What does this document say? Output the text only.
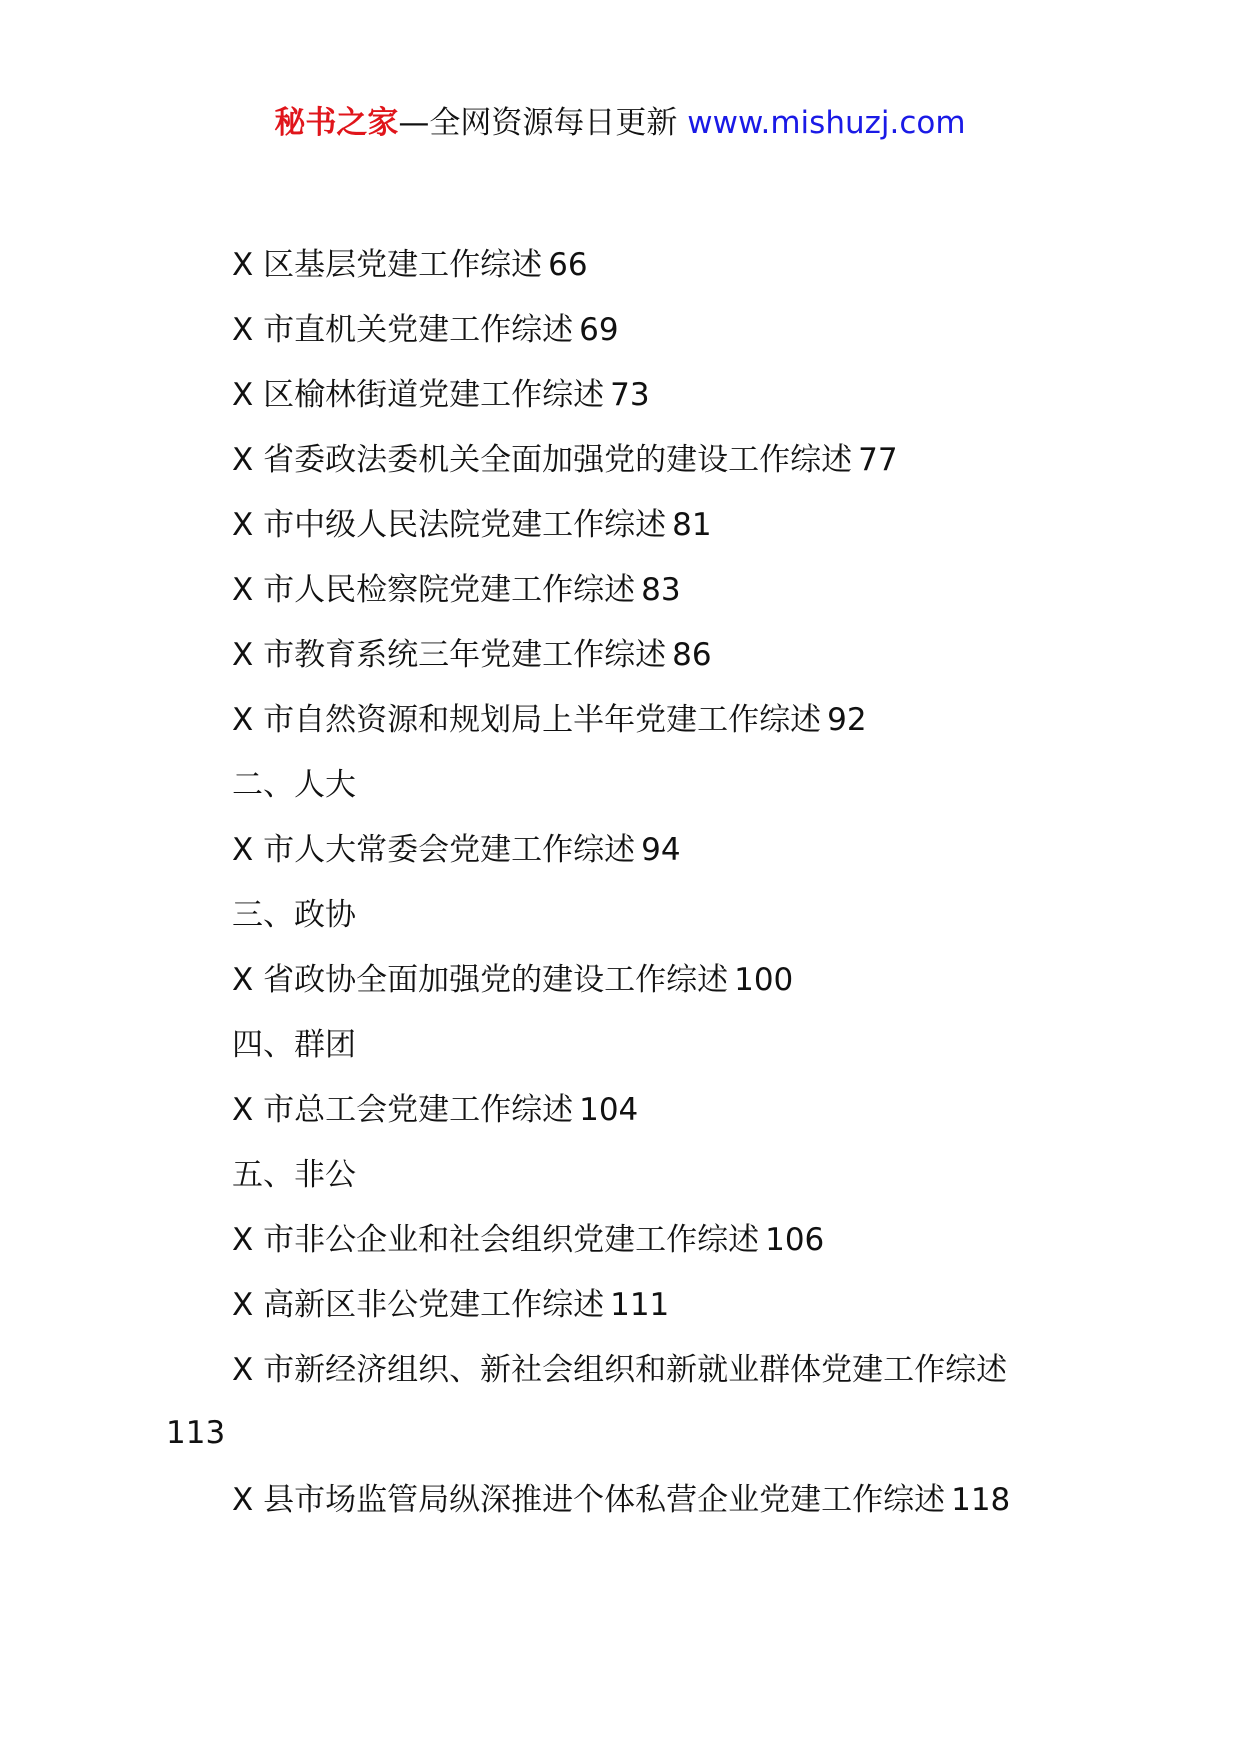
秘书之家—全网资源每日更新 www.mishuzj.com
X 区基层党建工作综述 66
X 市直机关党建工作综述 69
X 区榆林街道党建工作综述 73
X 省委政法委机关全面加强党的建设工作综述 77
X 市中级人民法院党建工作综述 81
X 市人民检察院党建工作综述 83
X 市教育系统三年党建工作综述 86
X 市自然资源和规划局上半年党建工作综述 92
二、人大
X 市人大常委会党建工作综述 94
三、政协
X 省政协全面加强党的建设工作综述 100
四、群团
X 市总工会党建工作综述 104
五、非公
X 市非公企业和社会组织党建工作综述 106
X 高新区非公党建工作综述 111
X 市新经济组织、新社会组织和新就业群体党建工作综述
113
X 县市场监管局纵深推进个体私营企业党建工作综述 118
